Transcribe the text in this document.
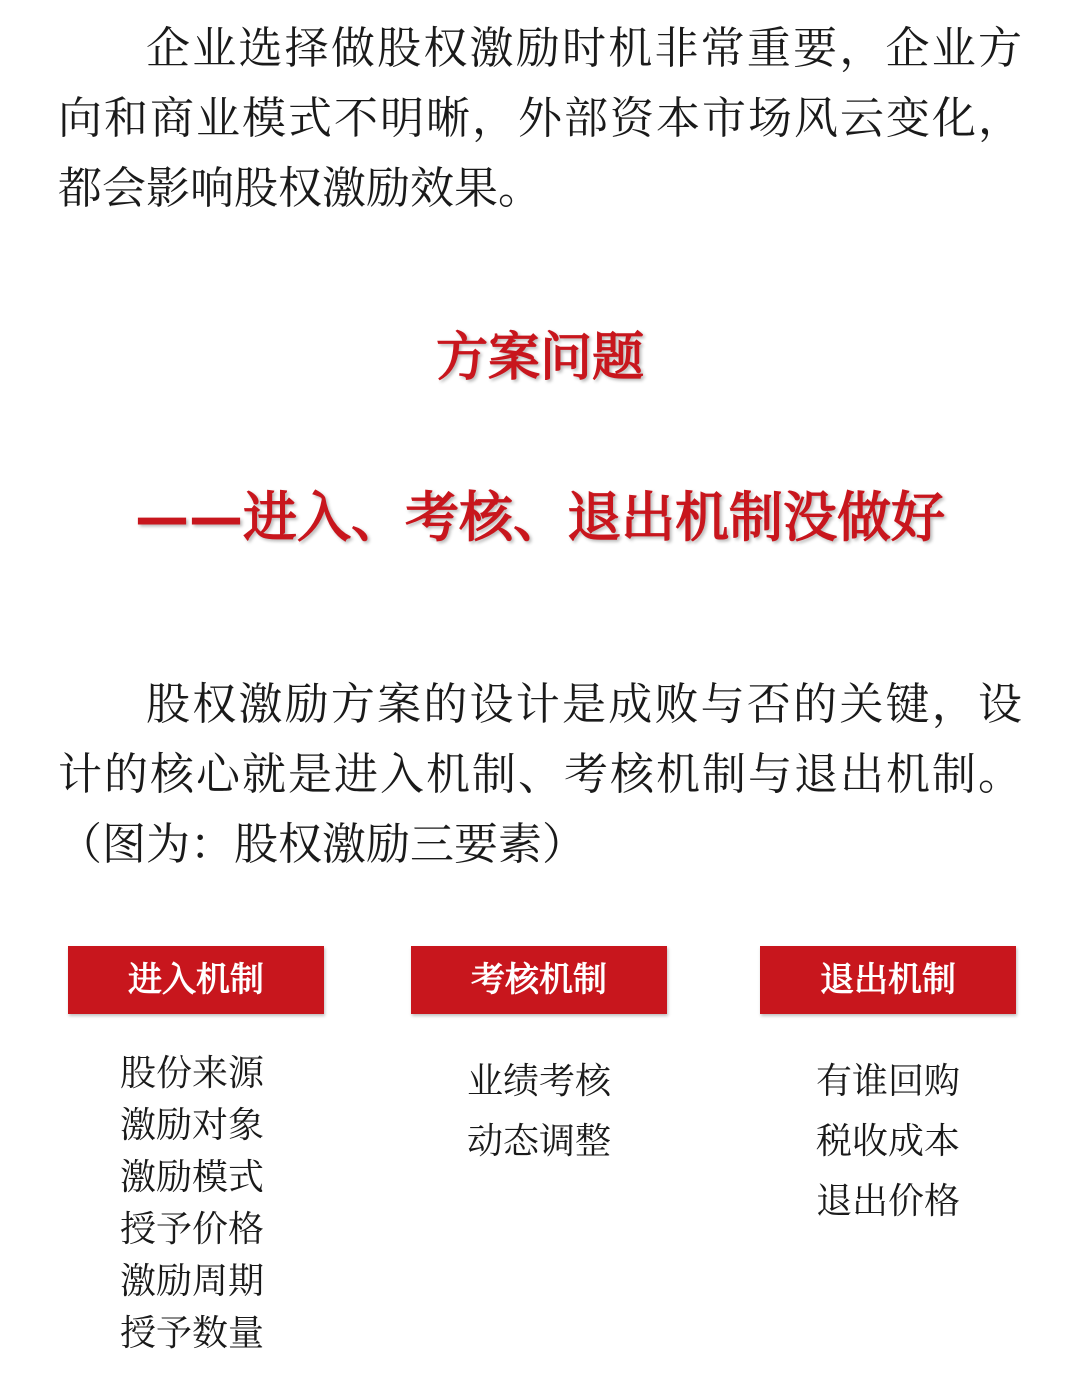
企业选择做股权激励时机非常重要，企业方向和商业模式不明晰，外部资本市场风云变化，都会影响股权激励效果。

方案问题
——进入、考核、退出机制没做好

股权激励方案的设计是成败与否的关键，设计的核心就是进入机制、考核机制与退出机制。（图为：股权激励三要素）

进入机制
股份来源
激励对象
激励模式
授予价格
激励周期
授予数量
考核机制
业绩考核
动态调整
退出机制
有谁回购
税收成本
退出价格
